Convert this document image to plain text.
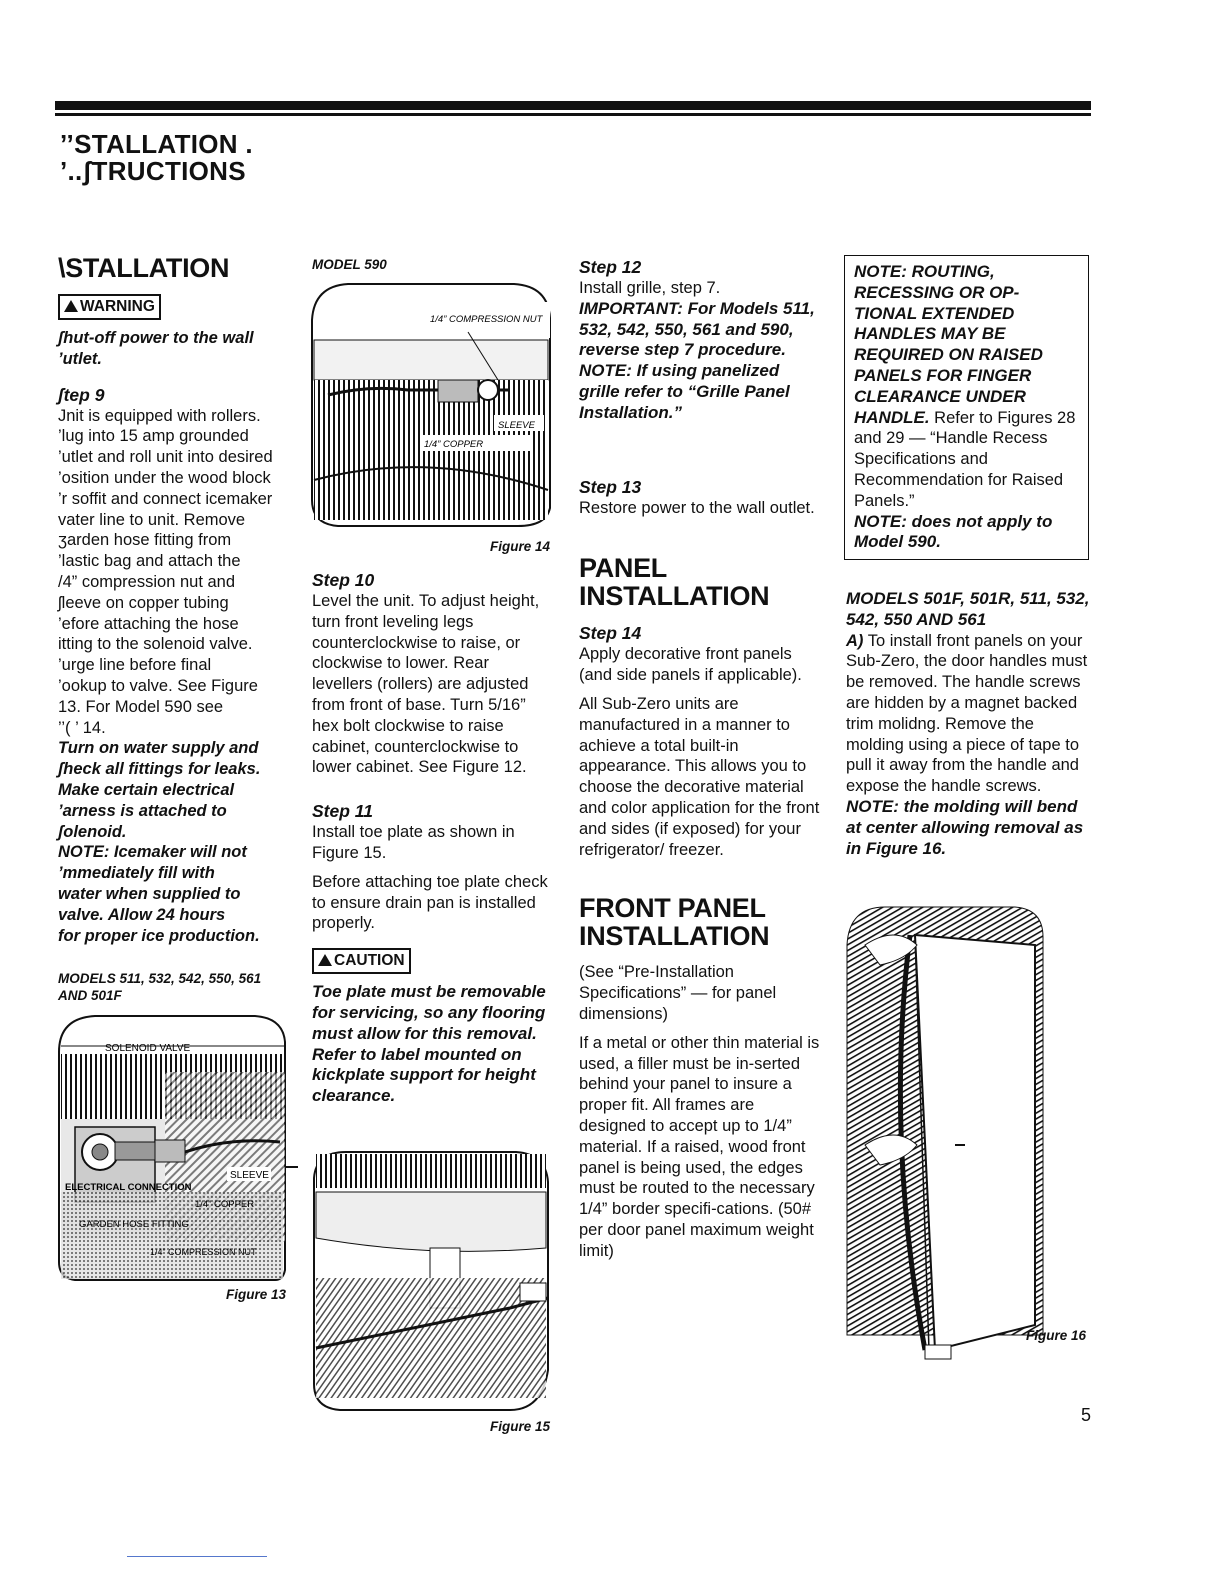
’’STALLATION .
’..ʃTRUCTIONS
\STALLATION
WARNING

ʃhut-off power to the wall ’utlet.

ʃtep 9

Jnit is equipped with rollers.
’lug into 15 amp grounded
’utlet and roll unit into desired
’osition under the wood block
’r soffit and connect icemaker
vater line to unit. Remove
ʒarden hose fitting from
’lastic bag and attach the
/4” compression nut and
ʃleeve on copper tubing
’efore attaching the hose
itting to the solenoid valve.
’urge line before final
’ookup to valve. See Figure
13. For Model 590 see
’’( ’ 14.
Turn on water supply and
ʃheck all fittings for leaks.
Make certain electrical
’arness is attached to
ʃolenoid.
NOTE: Icemaker will not
’mmediately fill with
water when supplied to
valve. Allow 24 hours
for proper ice production.
MODELS 511, 532, 542, 550, 561 AND 501F
SOLENOID VALVE
SLEEVE
ELECTRICAL CONNECTION
1/4” COPPER
GARDEN HOSE FITTING
1/4” COMPRESSION NUT
Figure 13
MODEL 590
1/4” COMPRESSION NUT
SLEEVE
1/4” COPPER
Figure 14

Step 10

Level the unit. To adjust height, turn front leveling legs counterclockwise to raise, or clockwise to lower. Rear levellers (rollers) are adjusted from front of base. Turn 5/16” hex bolt clockwise to raise cabinet, counterclockwise to lower cabinet. See Figure 12.

Step 11

Install toe plate as shown in Figure 15.

Before attaching toe plate check to ensure drain pan is installed properly.

CAUTION

Toe plate must be removable for servicing, so any flooring must allow for this removal. Refer to label mounted on kickplate support for height clearance.

Figure 15

Step 12

Install grille, step 7.

IMPORTANT: For Models 511, 532, 542, 550, 561 and 590, reverse step 7 procedure. NOTE: If using panelized grille refer to “Grille Panel Installation.”

Step 13

Restore power to the wall outlet.

PANEL INSTALLATION

Step 14

Apply decorative front panels (and side panels if applicable).

All Sub-Zero units are manufactured in a manner to achieve a total built-in appearance. This allows you to choose the decorative material and color application for the front and sides (if exposed) for your refrigerator/ freezer.

FRONT PANEL INSTALLATION

(See “Pre-Installation Specifications” — for panel dimensions)

If a metal or other thin material is used, a filler must be in-serted behind your panel to insure a proper fit. All frames are designed to accept up to 1/4” material. If a raised, wood front panel is being used, the edges must be routed to the necessary 1/4” border specifi-cations. (50# per door panel maximum weight limit)

NOTE: ROUTING, RECESSING OR OP-TIONAL EXTENDED HANDLES MAY BE REQUIRED ON RAISED PANELS FOR FINGER CLEARANCE UNDER HANDLE. Refer to Figures 28 and 29 — “Handle Recess Specifications and Recommendation for Raised Panels.”
NOTE: does not apply to Model 590.

MODELS 501F, 501R, 511, 532, 542, 550 AND 561

A) To install front panels on your Sub-Zero, the door handles must be removed. The handle screws are hidden by a magnet backed trim molidng. Remove the molding using a piece of tape to pull it away from the handle and expose the handle screws.

NOTE: the molding will bend at center allowing removal as in Figure 16.

Figure 16
5
